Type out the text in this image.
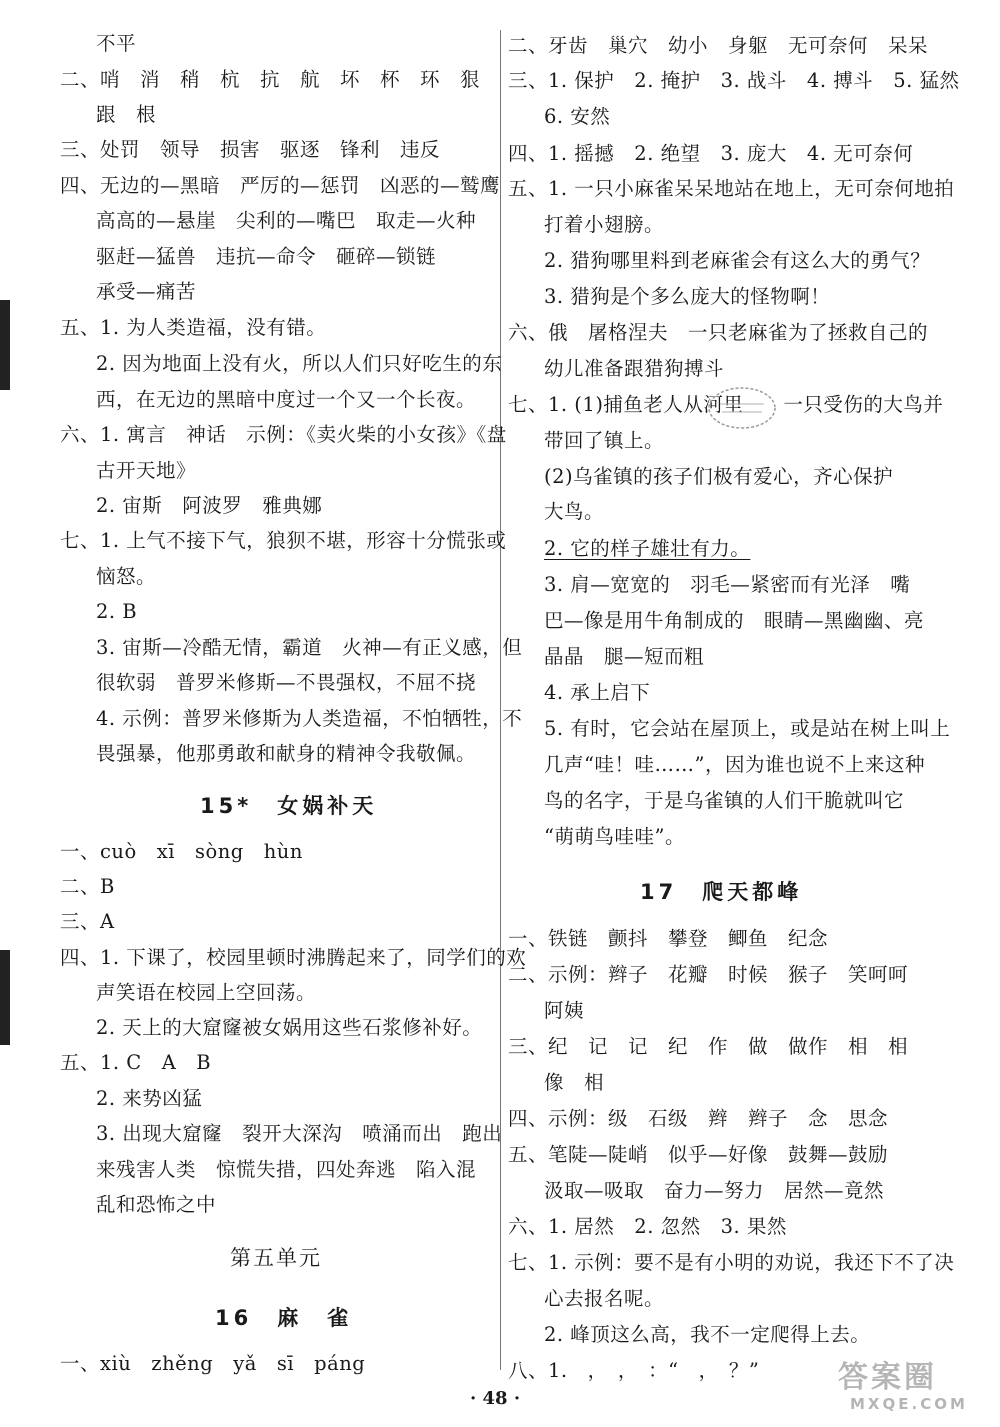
不平
二、哨　消　稍　杭　抗　航　坏　杯　环　狠
跟　根
三、处罚　领导　损害　驱逐　锋利　违反
四、无边的—黑暗　严厉的—惩罚　凶恶的—鹫鹰
高高的—悬崖　尖利的—嘴巴　取走—火种
驱赶—猛兽　违抗—命令　砸碎—锁链
承受—痛苦
五、1. 为人类造福，没有错。
2. 因为地面上没有火，所以人们只好吃生的东
西，在无边的黑暗中度过一个又一个长夜。
六、1. 寓言　神话　示例：《卖火柴的小女孩》《盘
古开天地》
2. 宙斯　阿波罗　雅典娜
七、1. 上气不接下气，狼狈不堪，形容十分慌张或
恼怒。
2. B
3. 宙斯—冷酷无情，霸道　火神—有正义感，但
很软弱　普罗米修斯—不畏强权，不屈不挠
4. 示例：普罗米修斯为人类造福，不怕牺牲，不
畏强暴，他那勇敢和献身的精神令我敬佩。
15*　女娲补天
一、cuò　xī　sòng　hùn
二、B
三、A
四、1. 下课了，校园里顿时沸腾起来了，同学们的欢
声笑语在校园上空回荡。
2. 天上的大窟窿被女娲用这些石浆修补好。
五、1. C　A　B
2. 来势凶猛
3. 出现大窟窿　裂开大深沟　喷涌而出　跑出
来残害人类　惊慌失措，四处奔逃　陷入混
乱和恐怖之中
第五单元
16　麻　雀
一、xiù　zhěng　yǎ　sī　páng
二、牙齿　巢穴　幼小　身躯　无可奈何　呆呆
三、1. 保护　2. 掩护　3. 战斗　4. 搏斗　5. 猛然
6. 安然
四、1. 摇撼　2. 绝望　3. 庞大　4. 无可奈何
五、1. 一只小麻雀呆呆地站在地上，无可奈何地拍
打着小翅膀。
2. 猎狗哪里料到老麻雀会有这么大的勇气？
3. 猎狗是个多么庞大的怪物啊！
六、俄　屠格涅夫　一只老麻雀为了拯救自己的
幼儿准备跟猎狗搏斗
七、1. (1)捕鱼老人从河里　　一只受伤的大鸟并
带回了镇上。
(2)乌雀镇的孩子们极有爱心，齐心保护
大鸟。
2. 它的样子雄壮有力。
3. 肩—宽宽的　羽毛—紧密而有光泽　嘴
巴—像是用牛角制成的　眼睛—黑幽幽、亮
晶晶　腿—短而粗
4. 承上启下
5. 有时，它会站在屋顶上，或是站在树上叫上
几声“哇！哇……”，因为谁也说不上来这种
鸟的名字，于是乌雀镇的人们干脆就叫它
“萌萌鸟哇哇”。
17　爬天都峰
一、铁链　颤抖　攀登　鲫鱼　纪念
二、示例：辫子　花瓣　时候　猴子　笑呵呵
阿姨
三、纪　记　记　纪　作　做　做作　相　相
像　相
四、示例：级　石级　辫　辫子　念　思念
五、笔陡—陡峭　似乎—好像　鼓舞—鼓励
汲取—吸取　奋力—努力　居然—竟然
六、1. 居然　2. 忽然　3. 果然
七、1. 示例：要不是有小明的劝说，我还下不了决
心去报名呢。
2. 峰顶这么高，我不一定爬得上去。
八、1.　，　，　：“　，　？”
· 48 ·
答案圈
MXQE.COM
